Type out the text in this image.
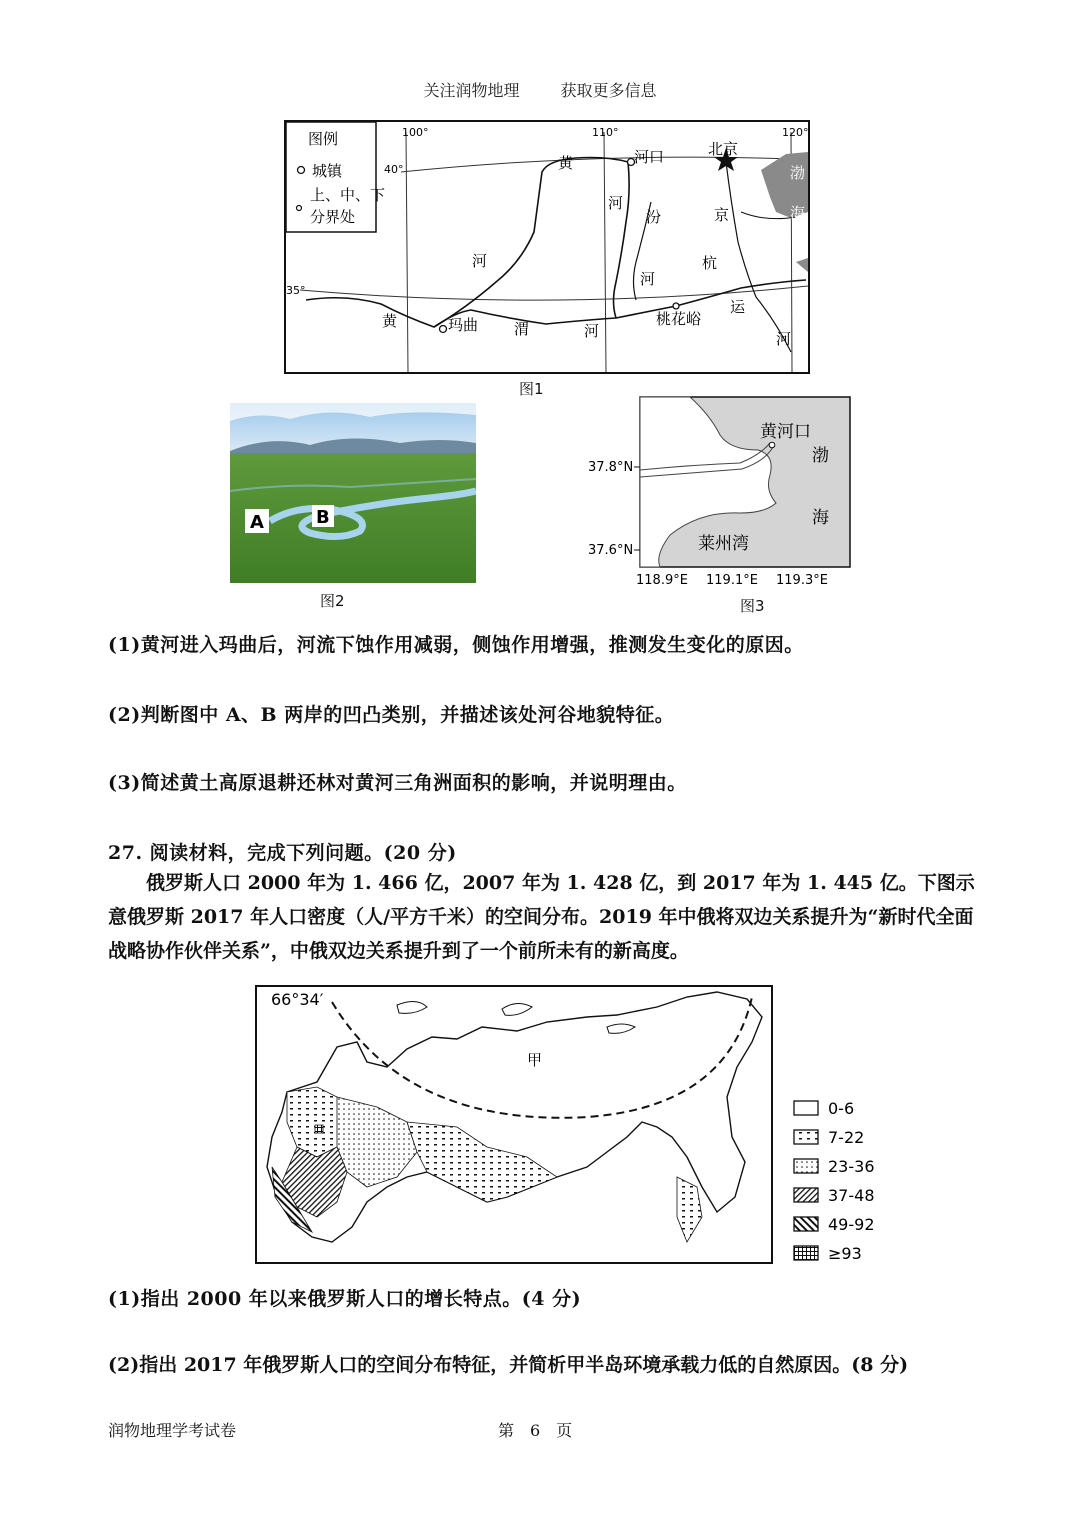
关注润物地理	获取更多信息
图例
城镇
上、中、下
分界处
100°	110°	120°
40°
35°
黄	河口	北京
渤
海
河
汾	京
河
河
杭
黄	玛曲 渭	河
桃花峪
运
河
图1
A	B
图2
黄河口
渤
海
莱州湾
37.8°N
37.6°N
118.9°E 119.1°E 119.3°E
图3
(1)黄河进入玛曲后，河流下蚀作用减弱，侧蚀作用增强，推测发生变化的原因。
(2)判断图中 A、B 两岸的凹凸类别，并描述该处河谷地貌特征。
(3)简述黄土高原退耕还林对黄河三角洲面积的影响，并说明理由。
27. 阅读材料，完成下列问题。(20 分)

俄罗斯人口 2000 年为 1. 466 亿，2007 年为 1. 428 亿，到 2017 年为 1. 445 亿。下图示意俄罗斯 2017 年人口密度（人/平方千米）的空间分布。2019 年中俄将双边关系提升为“新时代全面战略协作伙伴关系”，中俄双边关系提升到了一个前所未有的新高度。

66°34′
甲
0-6
7-22
23-36
37-48
49-92
≥93
(1)指出 2000 年以来俄罗斯人口的增长特点。(4 分)
(2)指出 2017 年俄罗斯人口的空间分布特征，并简析甲半岛环境承载力低的自然原因。(8 分)
润物地理学考试卷	第　6　页
